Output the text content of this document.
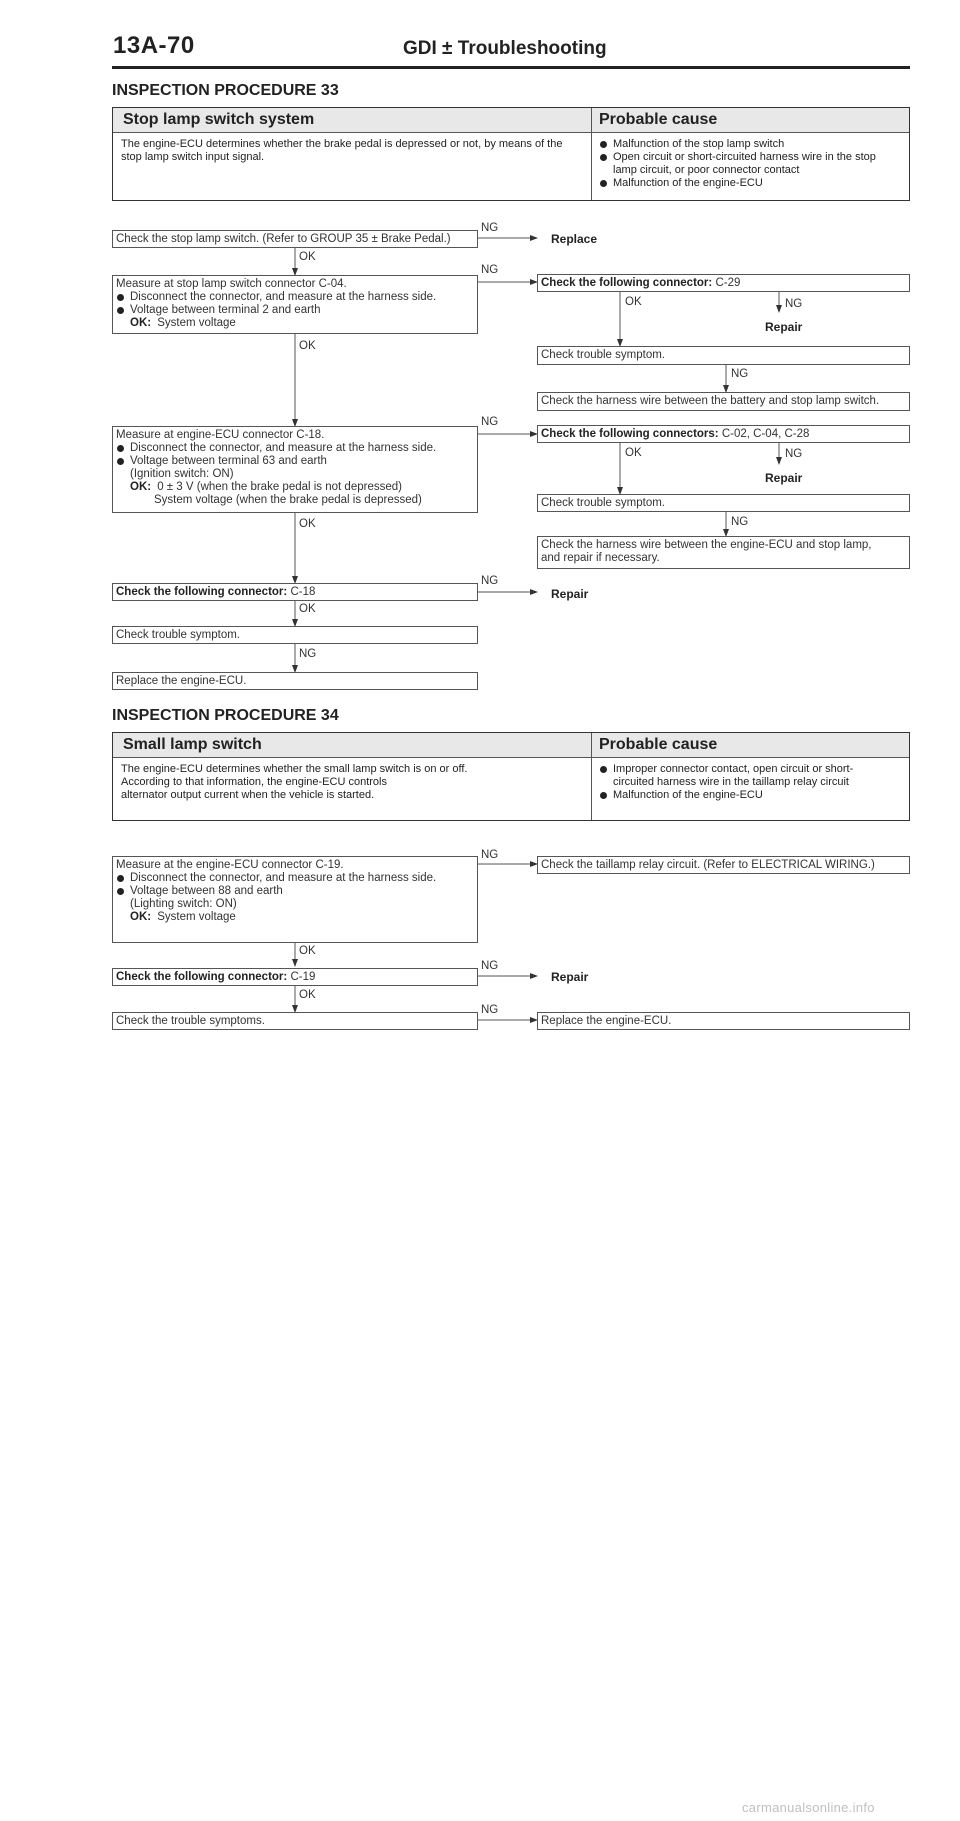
13A-70	GDI ± Troubleshooting
INSPECTION PROCEDURE 33
Stop lamp switch system	Probable cause
The engine-ECU determines whether the brake pedal is depressed or not, by means of the stop lamp switch input signal.
Malfunction of the stop lamp switch
Open circuit or short-circuited harness wire in the stop lamp circuit, or poor connector contact
Malfunction of the engine-ECU
Check the stop lamp switch. (Refer to GROUP 35 ± Brake Pedal.)
NG
Replace
OK
Measure at stop lamp switch connector C-04.
Disconnect the connector, and measure at the harness side.
Voltage between terminal 2 and earth
OK: System voltage
NG
OK
Check the following connector: C-29
OK	NG
Repair
Check trouble symptom.
NG
Check the harness wire between the battery and stop lamp switch.
Measure at engine-ECU connector C-18.
Disconnect the connector, and measure at the harness side.
Voltage between terminal 63 and earth
(Ignition switch: ON)
OK: 0 ± 3 V (when the brake pedal is not depressed)
System voltage (when the brake pedal is depressed)
NG
OK
Check the following connectors: C-02, C-04, C-28
OK	NG
Repair
Check trouble symptom.
NG
Check the harness wire between the engine-ECU and stop lamp,
and repair if necessary.
Check the following connector: C-18
NG
Repair
OK
Check trouble symptom.
NG
Replace the engine-ECU.
INSPECTION PROCEDURE 34
Small lamp switch	Probable cause
The engine-ECU determines whether the small lamp switch is on or off.
According to that information, the engine-ECU controls
alternator output current when the vehicle is started.
Improper connector contact, open circuit or short-circuited harness wire in the taillamp relay circuit
Malfunction of the engine-ECU
Measure at the engine-ECU connector C-19.
Disconnect the connector, and measure at the harness side.
Voltage between 88 and earth
(Lighting switch: ON)
OK: System voltage
NG
Check the taillamp relay circuit. (Refer to ELECTRICAL WIRING.)
OK
Check the following connector: C-19
NG
Repair
OK
Check the trouble symptoms.
NG
Replace the engine-ECU.
carmanualsonline.info
